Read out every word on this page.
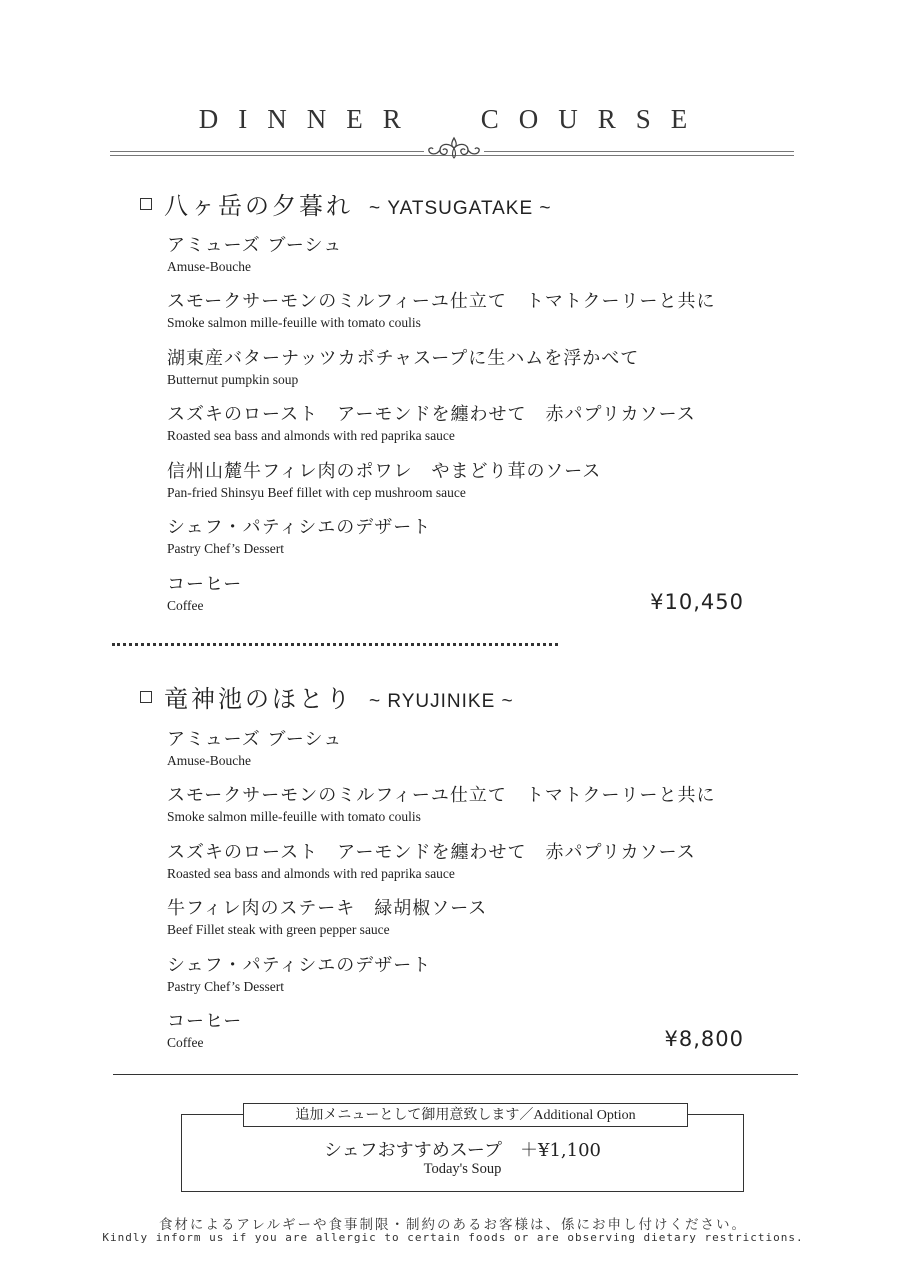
DINNER COURSE
八ヶ岳の夕暮れ ~ YATSUGATAKE ~
アミューズ ブーシュ
Amuse-Bouche
スモークサーモンのミルフィーユ仕立て　トマトクーリーと共に
Smoke salmon mille-feuille with tomato coulis
湖東産バターナッツカボチャスープに生ハムを浮かべて
Butternut pumpkin soup
スズキのロースト　アーモンドを纏わせて　赤パプリカソース
Roasted sea bass and almonds with red paprika sauce
信州山麓牛フィレ肉のポワレ　やまどり茸のソース
Pan-fried Shinsyu Beef fillet with cep mushroom sauce
シェフ・パティシエのデザート
Pastry Chef’s Dessert
コーヒー
Coffee	¥10,450
竜神池のほとり ~ RYUJINIKE ~
アミューズ ブーシュ
Amuse-Bouche
スモークサーモンのミルフィーユ仕立て　トマトクーリーと共に
Smoke salmon mille-feuille with tomato coulis
スズキのロースト　アーモンドを纏わせて　赤パプリカソース
Roasted sea bass and almonds with red paprika sauce
牛フィレ肉のステーキ　緑胡椒ソース
Beef Fillet steak with green pepper sauce
シェフ・パティシエのデザート
Pastry Chef’s Dessert
コーヒー
Coffee	¥8,800
追加メニューとして御用意致します／Additional Option
シェフおすすめスープ　＋¥1,100
Today's Soup
食材によるアレルギーや食事制限・制約のあるお客様は、係にお申し付けください。
Kindly inform us if you are allergic to certain foods or are observing dietary restrictions.
